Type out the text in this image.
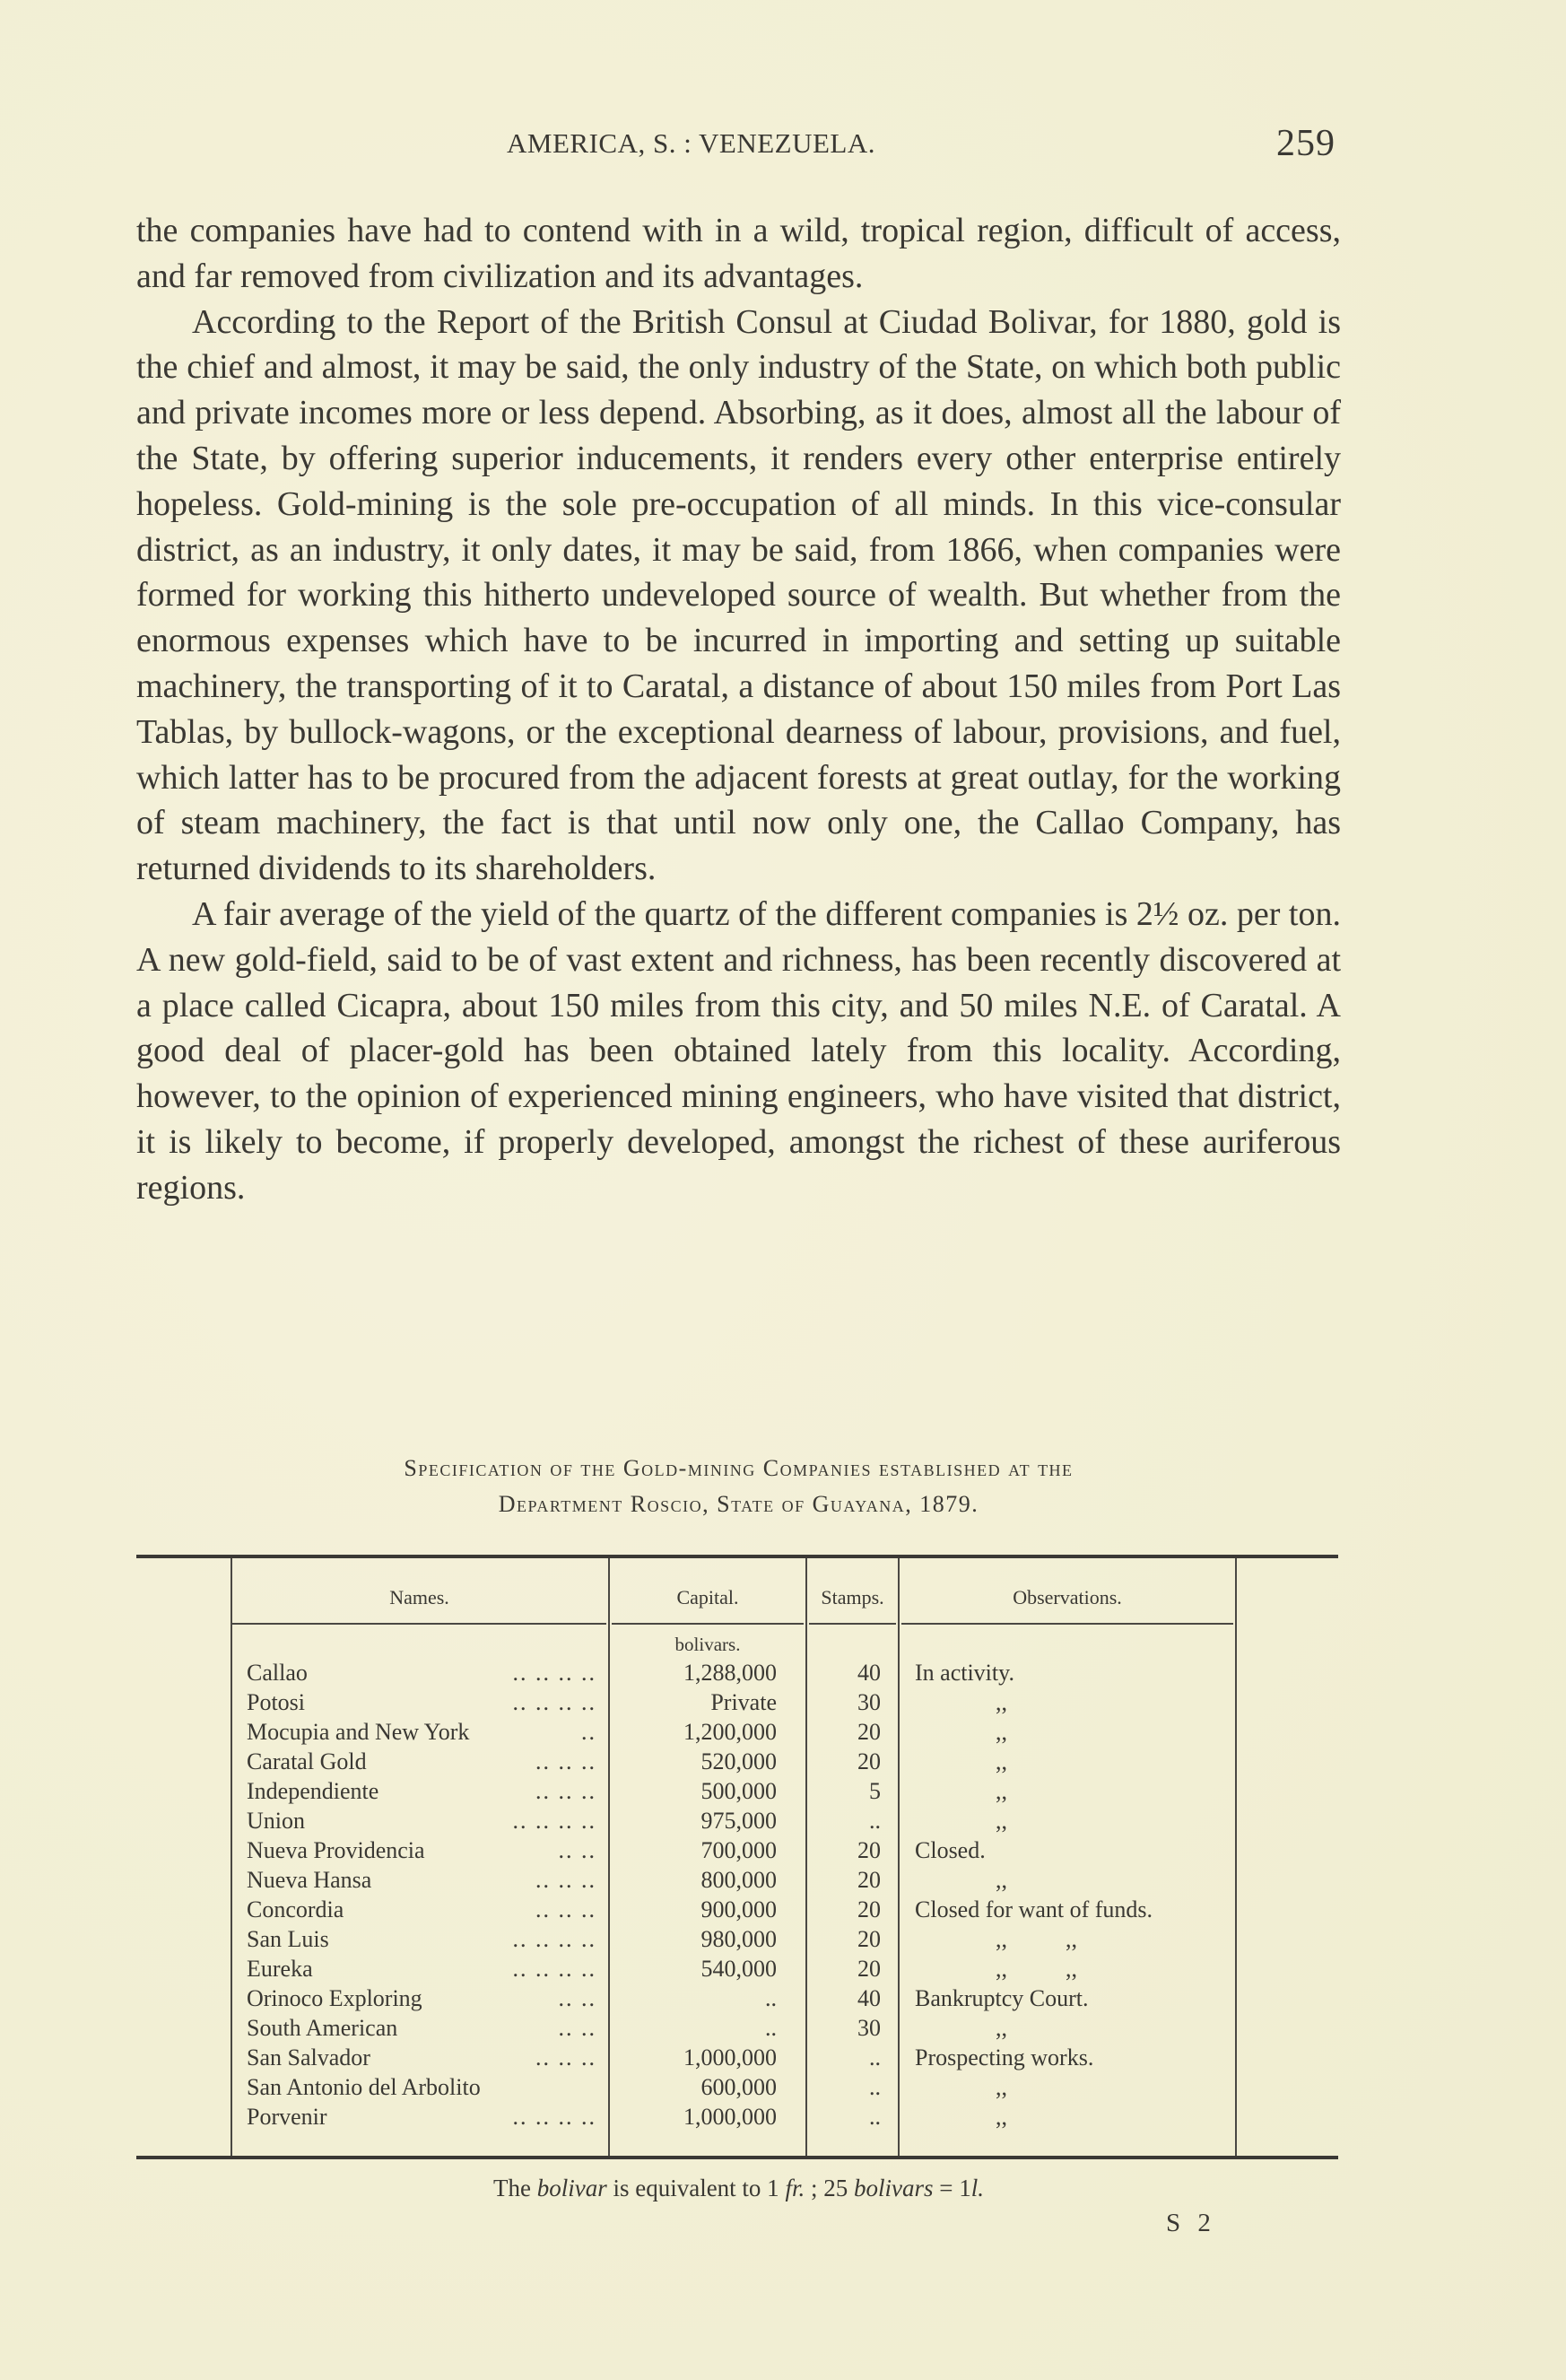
AMERICA, S. : VENEZUELA.	259

the companies have had to contend with in a wild, tropical region, difficult of access, and far removed from civilization and its advantages.

According to the Report of the British Consul at Ciudad Bolivar, for 1880, gold is the chief and almost, it may be said, the only industry of the State, on which both public and private incomes more or less depend. Absorbing, as it does, almost all the labour of the State, by offering superior inducements, it renders every other enterprise entirely hopeless. Gold-mining is the sole pre-occupation of all minds. In this vice-consular district, as an industry, it only dates, it may be said, from 1866, when companies were formed for working this hitherto undeveloped source of wealth. But whether from the enormous expenses which have to be incurred in importing and setting up suitable machinery, the transporting of it to Caratal, a distance of about 150 miles from Port Las Tablas, by bullock-wagons, or the exceptional dearness of labour, provisions, and fuel, which latter has to be procured from the adjacent forests at great outlay, for the working of steam machinery, the fact is that until now only one, the Callao Company, has returned dividends to its shareholders.

A fair average of the yield of the quartz of the different companies is 2½ oz. per ton. A new gold-field, said to be of vast extent and richness, has been recently discovered at a place called Cicapra, about 150 miles from this city, and 50 miles N.E. of Caratal. A good deal of placer-gold has been obtained lately from this locality. According, however, to the opinion of experienced mining engineers, who have visited that district, it is likely to become, if properly developed, amongst the richest of these auriferous regions.

Specification of the Gold-mining Companies established at the
Department Roscio, State of Guayana, 1879.
Names.	Capital.	Stamps.	Observations.
bolivars.
Callao	.. .. .. ..	1,288,000	40 In activity.
Potosi	.. .. .. ..	Private	30	,,
Mocupia and New York	..	1,200,000	20	,,
Caratal Gold	.. .. ..	520,000	20	,,
Independiente	.. .. ..	500,000	5	,,
Union	.. .. .. ..	975,000	..	,,
Nueva Providencia	.. ..	700,000	20 Closed.
Nueva Hansa	.. .. ..	800,000	20	,,
Concordia	.. .. ..	900,000	20 Closed for want of funds.
San Luis	.. .. .. ..	980,000	20	,,          ,,
Eureka	.. .. .. ..	540,000	20	,,          ,,
Orinoco Exploring	.. ..	..	40 Bankruptcy Court.
South American	.. ..	..	30	,,
San Salvador	.. .. ..	1,000,000	.. Prospecting works.
San Antonio del Arbolito	600,000	..	,,
Porvenir	.. .. .. ..	1,000,000	..	,,
The bolivar is equivalent to 1 fr. ; 25 bolivars = 1l.
S 2
